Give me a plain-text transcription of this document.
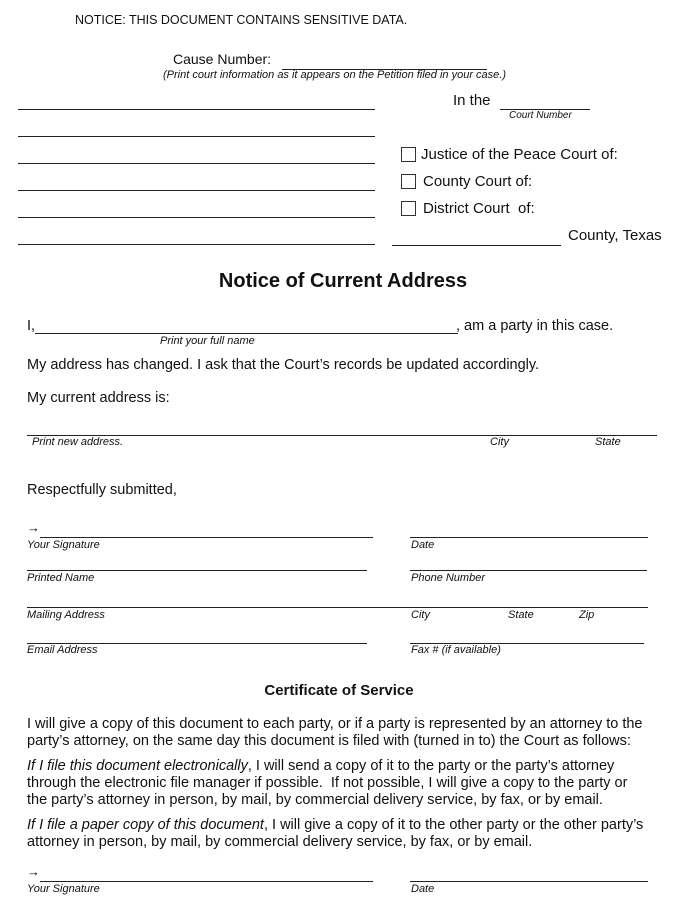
NOTICE: THIS DOCUMENT CONTAINS SENSITIVE DATA.
Cause Number:
(Print court information as it appears on the Petition filed in your case.)
In the
Court Number
Justice of the Peace Court of:
County Court of:
District Court  of:
County, Texas
Notice of Current Address
I,	, am a party in this case.
Print your full name
My address has changed. I ask that the Court’s records be updated accordingly.
My current address is:
Print new address.	City	State
Respectfully submitted,
→
Your Signature	Date
Printed Name	Phone Number
Mailing Address	City	State	Zip
Email Address	Fax # (if available)
Certificate of Service
I will give a copy of this document to each party, or if a party is represented by an attorney to the
party’s attorney, on the same day this document is filed with (turned in to) the Court as follows:
If I file this document electronically, I will send a copy of it to the party or the party’s attorney
through the electronic file manager if possible.  If not possible, I will give a copy to the party or
the party’s attorney in person, by mail, by commercial delivery service, by fax, or by email.
If I file a paper copy of this document, I will give a copy of it to the other party or the other party’s
attorney in person, by mail, by commercial delivery service, by fax, or by email.
→
Your Signature	Date
